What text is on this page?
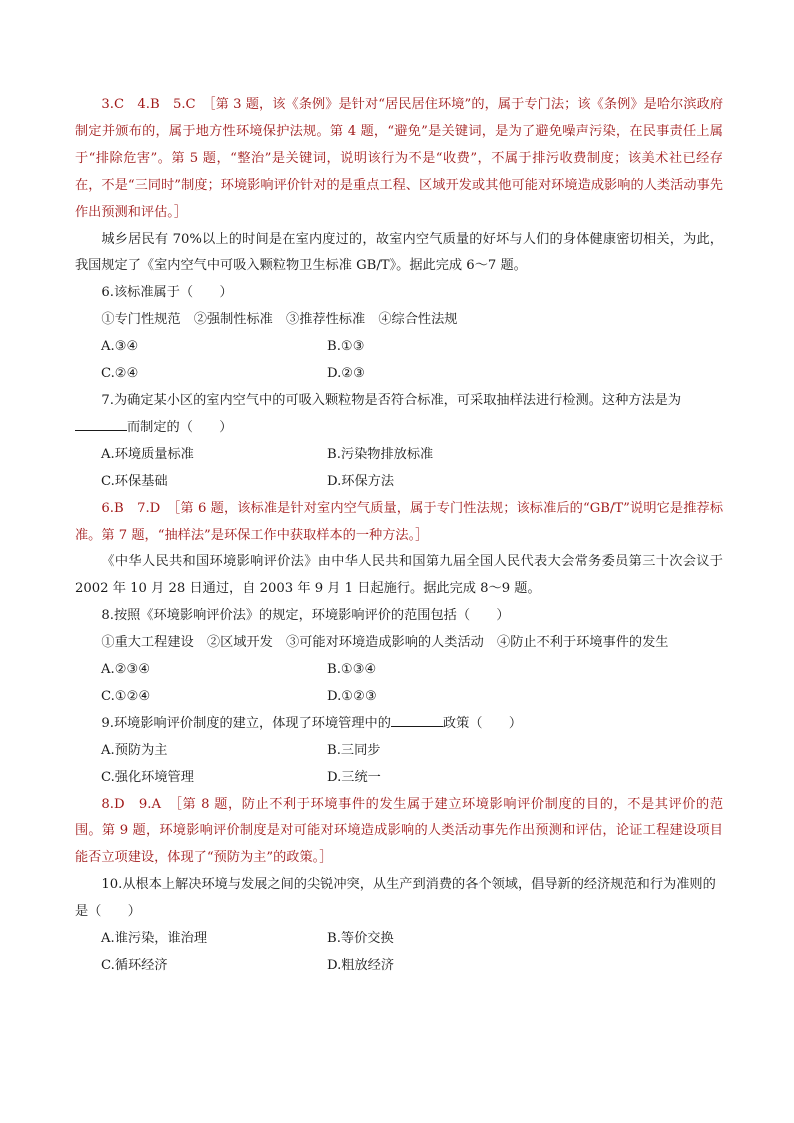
3.C　4.B　5.C　 ［第 3 题，该《条例》是针对“居民居住环境”的，属于专门法；该《条例》是哈尔滨政府制定并颁布的，属于地方性环境保护法规。第 4 题，“避免”是关键词，是为了避免噪声污染，在民事责任上属于“排除危害”。第 5 题，“整治”是关键词，说明该行为不是“收费”，不属于排污收费制度；该美术社已经存在，不是“三同时”制度；环境影响评价针对的是重点工程、区域开发或其他可能对环境造成影响的人类活动事先作出预测和评估。］

城乡居民有 70%以上的时间是在室内度过的，故室内空气质量的好坏与人们的身体健康密切相关，为此，我国规定了《室内空气中可吸入颗粒物卫生标准 GB/T》。据此完成 6～7 题。

6.该标准属于（　　）

①专门性规范　②强制性标准　③推荐性标准　④综合性法规

A.③④	B.①③
C.②④	D.②③

7.为确定某小区的室内空气中的可吸入颗粒物是否符合标准，可采取抽样法进行检测。这种方法是为而制定的（　　）

A.环境质量标准	B.污染物排放标准
C.环保基础	D.环保方法

6.B　7.D　 ［第 6 题，该标准是针对室内空气质量，属于专门性法规；该标准后的“GB/T”说明它是推荐标准。第 7 题，“抽样法”是环保工作中获取样本的一种方法。］

《中华人民共和国环境影响评价法》由中华人民共和国第九届全国人民代表大会常务委员第三十次会议于 2002 年 10 月 28 日通过，自 2003 年 9 月 1 日起施行。据此完成 8～9 题。

8.按照《环境影响评价法》的规定，环境影响评价的范围包括（　　）

①重大工程建设　②区域开发　③可能对环境造成影响的人类活动　④防止不利于环境事件的发生

A.②③④	B.①③④
C.①②④	D.①②③

9.环境影响评价制度的建立，体现了环境管理中的	政策（　　）

A.预防为主	B.三同步
C.强化环境管理	D.三统一

8.D　9.A　 ［第 8 题，防止不利于环境事件的发生属于建立环境影响评价制度的目的，不是其评价的范围。第 9 题，环境影响评价制度是对可能对环境造成影响的人类活动事先作出预测和评估，论证工程建设项目能否立项建设，体现了“预防为主”的政策。］

10.从根本上解决环境与发展之间的尖锐冲突，从生产到消费的各个领域，倡导新的经济规范和行为准则的是（　　）

A.谁污染，谁治理	B.等价交换
C.循环经济	D.粗放经济
